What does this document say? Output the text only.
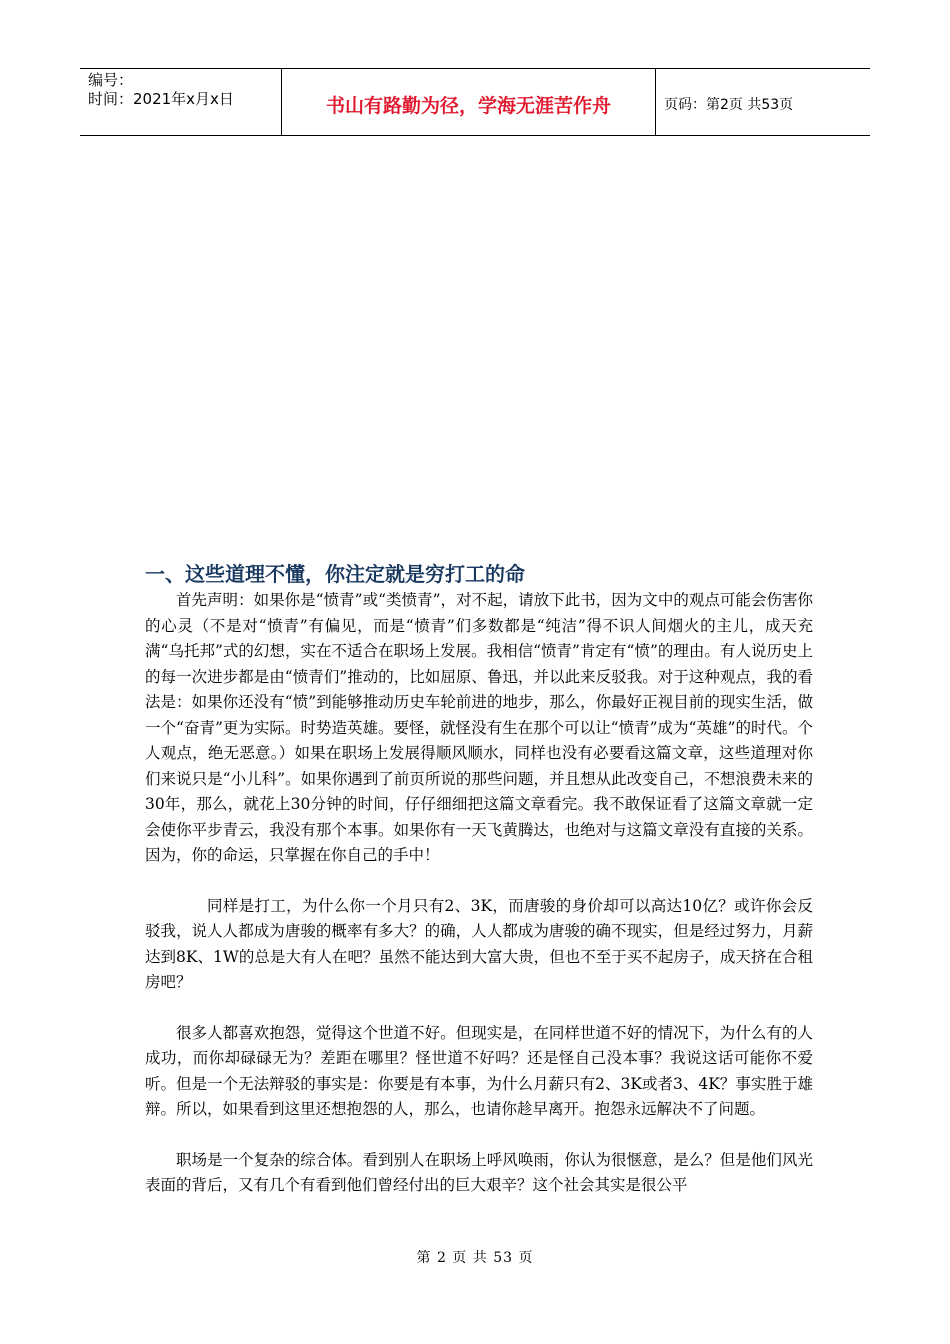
编号：
时间：2021年x月x日	书山有路勤为径，学海无涯苦作舟	页码：第2页 共53页
一、这些道理不懂，你注定就是穷打工的命

首先声明：如果你是“愤青”或“类愤青”，对不起，请放下此书，因为文中的观点可能会伤害你的心灵（不是对“愤青”有偏见，而是“愤青”们多数都是“纯洁”得不识人间烟火的主儿，成天充满“乌托邦”式的幻想，实在不适合在职场上发展。我相信“愤青”肯定有“愤”的理由。有人说历史上的每一次进步都是由“愤青们”推动的，比如屈原、鲁迅，并以此来反驳我。对于这种观点，我的看法是：如果你还没有“愤”到能够推动历史车轮前进的地步，那么，你最好正视目前的现实生活，做一个“奋青”更为实际。时势造英雄。要怪，就怪没有生在那个可以让“愤青”成为“英雄”的时代。个人观点，绝无恶意。）如果在职场上发展得顺风顺水，同样也没有必要看这篇文章，这些道理对你们来说只是“小儿科”。如果你遇到了前页所说的那些问题，并且想从此改变自己，不想浪费未来的30年，那么，就花上30分钟的时间，仔仔细细把这篇文章看完。我不敢保证看了这篇文章就一定会使你平步青云，我没有那个本事。如果你有一天飞黄腾达，也绝对与这篇文章没有直接的关系。因为，你的命运，只掌握在你自己的手中！

同样是打工，为什么你一个月只有2、3K，而唐骏的身价却可以高达10亿？或许你会反驳我，说人人都成为唐骏的概率有多大？的确，人人都成为唐骏的确不现实，但是经过努力，月薪达到8K、1W的总是大有人在吧？虽然不能达到大富大贵，但也不至于买不起房子，成天挤在合租房吧？

很多人都喜欢抱怨，觉得这个世道不好。但现实是，在同样世道不好的情况下，为什么有的人成功，而你却碌碌无为？差距在哪里？怪世道不好吗？还是怪自己没本事？我说这话可能你不爱听。但是一个无法辩驳的事实是：你要是有本事，为什么月薪只有2、3K或者3、4K？事实胜于雄辩。所以，如果看到这里还想抱怨的人，那么，也请你趁早离开。抱怨永远解决不了问题。

职场是一个复杂的综合体。看到别人在职场上呼风唤雨，你认为很惬意，是么？但是他们风光表面的背后，又有几个有看到他们曾经付出的巨大艰辛？这个社会其实是很公平

第 2 页 共 53 页
